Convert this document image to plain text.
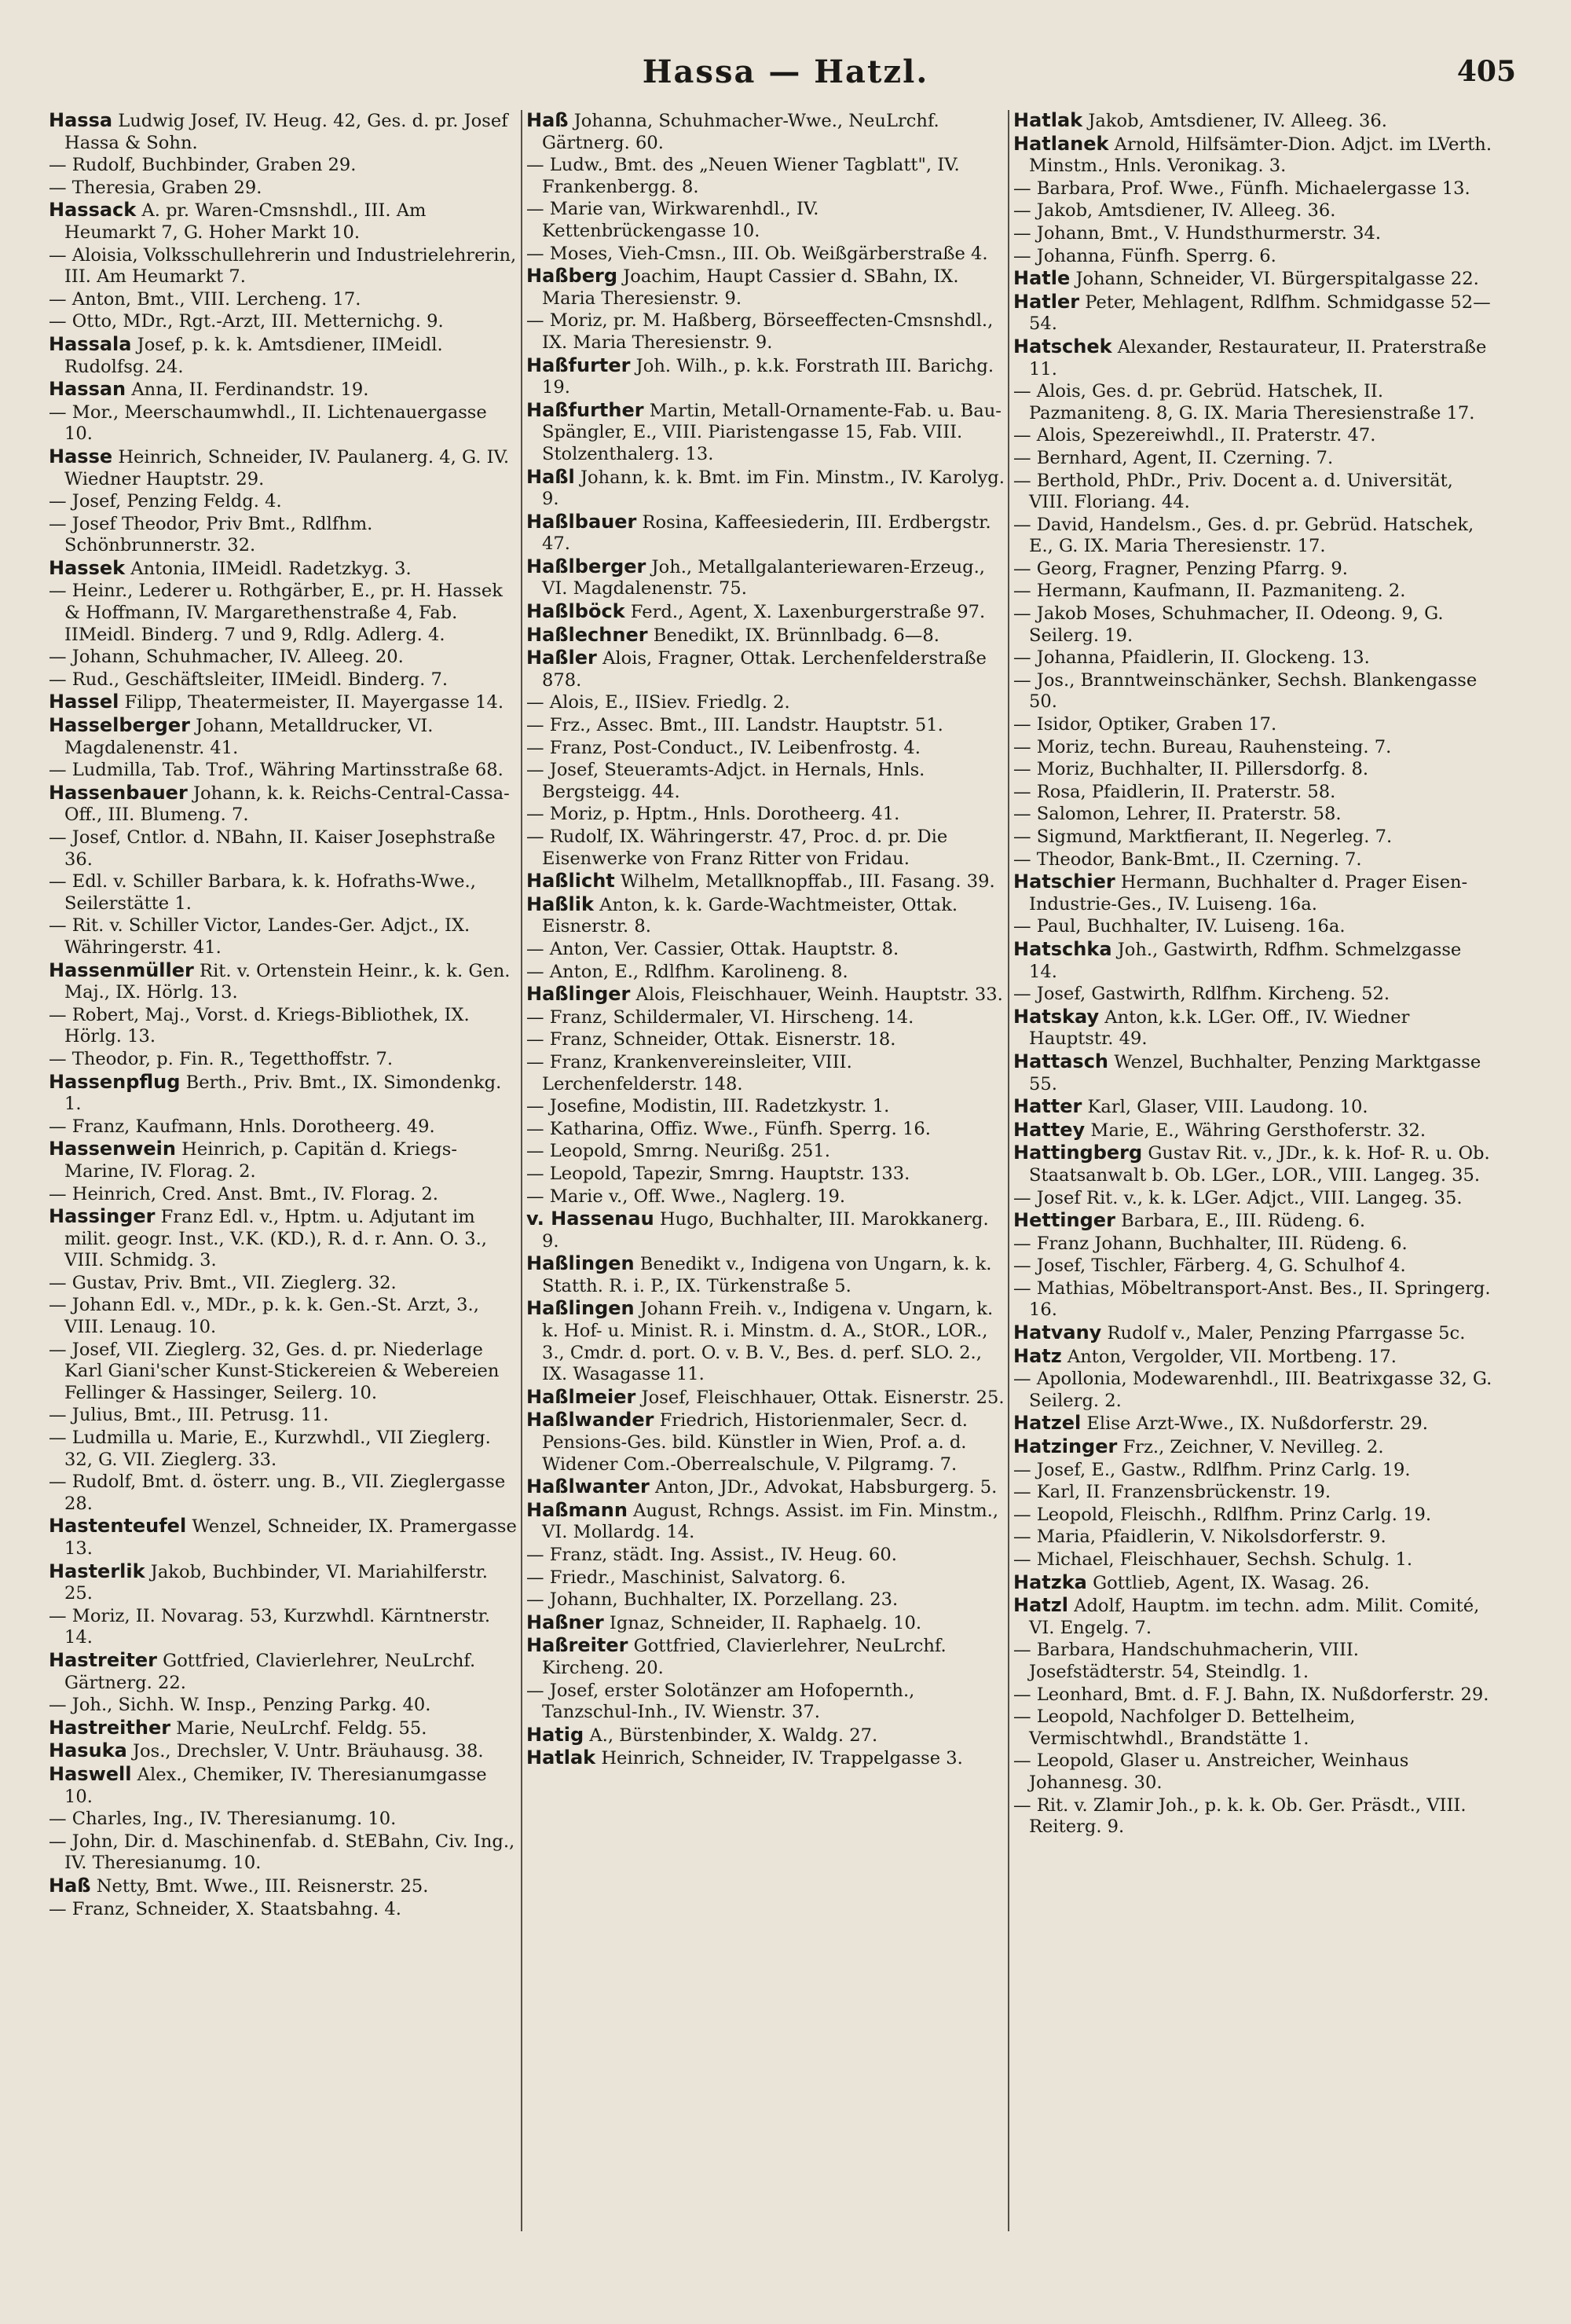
Hassa — Hatzl.	405
Hassa Ludwig Josef, IV. Heug. 42, Ges. d. pr. Josef Hassa & Sohn.
— Rudolf, Buchbinder, Graben 29.
— Theresia, Graben 29.
Hassack A. pr. Waren-Cmsnshdl., III. Am Heumarkt 7, G. Hoher Markt 10.
— Aloisia, Volksschullehrerin und Industrielehrerin, III. Am Heumarkt 7.
— Anton, Bmt., VIII. Lercheng. 17.
— Otto, MDr., Rgt.-Arzt, III. Metternichg. 9.
Hassala Josef, p. k. k. Amtsdiener, IIMeidl. Rudolfsg. 24.
Hassan Anna, II. Ferdinandstr. 19.
— Mor., Meerschaumwhdl., II. Lichtenauergasse 10.
Hasse Heinrich, Schneider, IV. Paulanerg. 4, G. IV. Wiedner Hauptstr. 29.
— Josef, Penzing Feldg. 4.
— Josef Theodor, Priv Bmt., Rdlfhm. Schönbrunnerstr. 32.
Hassek Antonia, IIMeidl. Radetzkyg. 3.
— Heinr., Lederer u. Rothgärber, E., pr. H. Hassek & Hoffmann, IV. Margarethenstraße 4, Fab. IIMeidl. Binderg. 7 und 9, Rdlg. Adlerg. 4.
— Johann, Schuhmacher, IV. Alleeg. 20.
— Rud., Geschäftsleiter, IIMeidl. Binderg. 7.
Hassel Filipp, Theatermeister, II. Mayergasse 14.
Hasselberger Johann, Metalldrucker, VI. Magdalenenstr. 41.
— Ludmilla, Tab. Trof., Währing Martinsstraße 68.
Hassenbauer Johann, k. k. Reichs-Central-Cassa-Off., III. Blumeng. 7.
— Josef, Cntlor. d. NBahn, II. Kaiser Josephstraße 36.
— Edl. v. Schiller Barbara, k. k. Hofraths-Wwe., Seilerstätte 1.
— Rit. v. Schiller Victor, Landes-Ger. Adjct., IX. Währingerstr. 41.
Hassenmüller Rit. v. Ortenstein Heinr., k. k. Gen. Maj., IX. Hörlg. 13.
— Robert, Maj., Vorst. d. Kriegs-Bibliothek, IX. Hörlg. 13.
— Theodor, p. Fin. R., Tegetthoffstr. 7.
Hassenpflug Berth., Priv. Bmt., IX. Simondenkg. 1.
— Franz, Kaufmann, Hnls. Dorotheerg. 49.
Hassenwein Heinrich, p. Capitän d. Kriegs-Marine, IV. Florag. 2.
— Heinrich, Cred. Anst. Bmt., IV. Florag. 2.
Hassinger Franz Edl. v., Hptm. u. Adjutant im milit. geogr. Inst., V.K. (KD.), R. d. r. Ann. O. 3., VIII. Schmidg. 3.
— Gustav, Priv. Bmt., VII. Zieglerg. 32.
— Johann Edl. v., MDr., p. k. k. Gen.-St. Arzt, 3., VIII. Lenaug. 10.
— Josef, VII. Zieglerg. 32, Ges. d. pr. Niederlage Karl Giani'scher Kunst-Stickereien & Webereien Fellinger & Hassinger, Seilerg. 10.
— Julius, Bmt., III. Petrusg. 11.
— Ludmilla u. Marie, E., Kurzwhdl., VII Zieglerg. 32, G. VII. Zieglerg. 33.
— Rudolf, Bmt. d. österr. ung. B., VII. Zieglergasse 28.
Hastenteufel Wenzel, Schneider, IX. Pramergasse 13.
Hasterlik Jakob, Buchbinder, VI. Mariahilferstr. 25.
— Moriz, II. Novarag. 53, Kurzwhdl. Kärntnerstr. 14.
Hastreiter Gottfried, Clavierlehrer, NeuLrchf. Gärtnerg. 22.
— Joh., Sichh. W. Insp., Penzing Parkg. 40.
Hastreither Marie, NeuLrchf. Feldg. 55.
Hasuka Jos., Drechsler, V. Untr. Bräuhausg. 38.
Haswell Alex., Chemiker, IV. Theresianumgasse 10.
— Charles, Ing., IV. Theresianumg. 10.
— John, Dir. d. Maschinenfab. d. StEBahn, Civ. Ing., IV. Theresianumg. 10.
Haß Netty, Bmt. Wwe., III. Reisnerstr. 25.
— Franz, Schneider, X. Staatsbahng. 4.
Haß Johanna, Schuhmacher-Wwe., NeuLrchf. Gärtnerg. 60.
— Ludw., Bmt. des „Neuen Wiener Tagblatt", IV. Frankenbergg. 8.
— Marie van, Wirkwarenhdl., IV. Kettenbrückengasse 10.
— Moses, Vieh-Cmsn., III. Ob. Weißgärberstraße 4.
Haßberg Joachim, Haupt Cassier d. SBahn, IX. Maria Theresienstr. 9.
— Moriz, pr. M. Haßberg, Börseeffecten-Cmsnshdl., IX. Maria Theresienstr. 9.
Haßfurter Joh. Wilh., p. k.k. Forstrath III. Barichg. 19.
Haßfurther Martin, Metall-Ornamente-Fab. u. Bau-Spängler, E., VIII. Piaristengasse 15, Fab. VIII. Stolzenthalerg. 13.
Haßl Johann, k. k. Bmt. im Fin. Minstm., IV. Karolyg. 9.
Haßlbauer Rosina, Kaffeesiederin, III. Erdbergstr. 47.
Haßlberger Joh., Metallgalanteriewaren-Erzeug., VI. Magdalenenstr. 75.
Haßlböck Ferd., Agent, X. Laxenburgerstraße 97.
Haßlechner Benedikt, IX. Brünnlbadg. 6—8.
Haßler Alois, Fragner, Ottak. Lerchenfelderstraße 878.
— Alois, E., IISiev. Friedlg. 2.
— Frz., Assec. Bmt., III. Landstr. Hauptstr. 51.
— Franz, Post-Conduct., IV. Leibenfrostg. 4.
— Josef, Steueramts-Adjct. in Hernals, Hnls. Bergsteigg. 44.
— Moriz, p. Hptm., Hnls. Dorotheerg. 41.
— Rudolf, IX. Währingerstr. 47, Proc. d. pr. Die Eisenwerke von Franz Ritter von Fridau.
Haßlicht Wilhelm, Metallknopffab., III. Fasang. 39.
Haßlik Anton, k. k. Garde-Wachtmeister, Ottak. Eisnerstr. 8.
— Anton, Ver. Cassier, Ottak. Hauptstr. 8.
— Anton, E., Rdlfhm. Karolineng. 8.
Haßlinger Alois, Fleischhauer, Weinh. Hauptstr. 33.
— Franz, Schildermaler, VI. Hirscheng. 14.
— Franz, Schneider, Ottak. Eisnerstr. 18.
— Franz, Krankenvereinsleiter, VIII. Lerchenfelderstr. 148.
— Josefine, Modistin, III. Radetzkystr. 1.
— Katharina, Offiz. Wwe., Fünfh. Sperrg. 16.
— Leopold, Smrng. Neurißg. 251.
— Leopold, Tapezir, Smrng. Hauptstr. 133.
— Marie v., Off. Wwe., Naglerg. 19.
v. Hassenau Hugo, Buchhalter, III. Marokkanerg. 9.
Haßlingen Benedikt v., Indigena von Ungarn, k. k. Statth. R. i. P., IX. Türkenstraße 5.
Haßlingen Johann Freih. v., Indigena v. Ungarn, k. k. Hof- u. Minist. R. i. Minstm. d. A., StOR., LOR., 3., Cmdr. d. port. O. v. B. V., Bes. d. perf. SLO. 2., IX. Wasagasse 11.
Haßlmeier Josef, Fleischhauer, Ottak. Eisnerstr. 25.
Haßlwander Friedrich, Historienmaler, Secr. d. Pensions-Ges. bild. Künstler in Wien, Prof. a. d. Widener Com.-Oberrealschule, V. Pilgramg. 7.
Haßlwanter Anton, JDr., Advokat, Habsburgerg. 5.
Haßmann August, Rchngs. Assist. im Fin. Minstm., VI. Mollardg. 14.
— Franz, städt. Ing. Assist., IV. Heug. 60.
— Friedr., Maschinist, Salvatorg. 6.
— Johann, Buchhalter, IX. Porzellang. 23.
Haßner Ignaz, Schneider, II. Raphaelg. 10.
Haßreiter Gottfried, Clavierlehrer, NeuLrchf. Kircheng. 20.
— Josef, erster Solotänzer am Hofopernth., Tanzschul-Inh., IV. Wienstr. 37.
Hatig A., Bürstenbinder, X. Waldg. 27.
Hatlak Heinrich, Schneider, IV. Trappelgasse 3.
Hatlak Jakob, Amtsdiener, IV. Alleeg. 36.
Hatlanek Arnold, Hilfsämter-Dion. Adjct. im LVerth. Minstm., Hnls. Veronikag. 3.
— Barbara, Prof. Wwe., Fünfh. Michaelergasse 13.
— Jakob, Amtsdiener, IV. Alleeg. 36.
— Johann, Bmt., V. Hundsthurmerstr. 34.
— Johanna, Fünfh. Sperrg. 6.
Hatle Johann, Schneider, VI. Bürgerspitalgasse 22.
Hatler Peter, Mehlagent, Rdlfhm. Schmidgasse 52—54.
Hatschek Alexander, Restaurateur, II. Praterstraße 11.
— Alois, Ges. d. pr. Gebrüd. Hatschek, II. Pazmaniteng. 8, G. IX. Maria Theresienstraße 17.
— Alois, Spezereiwhdl., II. Praterstr. 47.
— Bernhard, Agent, II. Czerning. 7.
— Berthold, PhDr., Priv. Docent a. d. Universität, VIII. Floriang. 44.
— David, Handelsm., Ges. d. pr. Gebrüd. Hatschek, E., G. IX. Maria Theresienstr. 17.
— Georg, Fragner, Penzing Pfarrg. 9.
— Hermann, Kaufmann, II. Pazmaniteng. 2.
— Jakob Moses, Schuhmacher, II. Odeong. 9, G. Seilerg. 19.
— Johanna, Pfaidlerin, II. Glockeng. 13.
— Jos., Branntweinschänker, Sechsh. Blankengasse 50.
— Isidor, Optiker, Graben 17.
— Moriz, techn. Bureau, Rauhensteing. 7.
— Moriz, Buchhalter, II. Pillersdorfg. 8.
— Rosa, Pfaidlerin, II. Praterstr. 58.
— Salomon, Lehrer, II. Praterstr. 58.
— Sigmund, Marktfierant, II. Negerleg. 7.
— Theodor, Bank-Bmt., II. Czerning. 7.
Hatschier Hermann, Buchhalter d. Prager Eisen-Industrie-Ges., IV. Luiseng. 16a.
— Paul, Buchhalter, IV. Luiseng. 16a.
Hatschka Joh., Gastwirth, Rdfhm. Schmelzgasse 14.
— Josef, Gastwirth, Rdlfhm. Kircheng. 52.
Hatskay Anton, k.k. LGer. Off., IV. Wiedner Hauptstr. 49.
Hattasch Wenzel, Buchhalter, Penzing Marktgasse 55.
Hatter Karl, Glaser, VIII. Laudong. 10.
Hattey Marie, E., Währing Gersthoferstr. 32.
Hattingberg Gustav Rit. v., JDr., k. k. Hof- R. u. Ob. Staatsanwalt b. Ob. LGer., LOR., VIII. Langeg. 35.
— Josef Rit. v., k. k. LGer. Adjct., VIII. Langeg. 35.
Hettinger Barbara, E., III. Rüdeng. 6.
— Franz Johann, Buchhalter, III. Rüdeng. 6.
— Josef, Tischler, Färberg. 4, G. Schulhof 4.
— Mathias, Möbeltransport-Anst. Bes., II. Springerg. 16.
Hatvany Rudolf v., Maler, Penzing Pfarrgasse 5c.
Hatz Anton, Vergolder, VII. Mortbeng. 17.
— Apollonia, Modewarenhdl., III. Beatrixgasse 32, G. Seilerg. 2.
Hatzel Elise Arzt-Wwe., IX. Nußdorferstr. 29.
Hatzinger Frz., Zeichner, V. Nevilleg. 2.
— Josef, E., Gastw., Rdlfhm. Prinz Carlg. 19.
— Karl, II. Franzensbrückenstr. 19.
— Leopold, Fleischh., Rdlfhm. Prinz Carlg. 19.
— Maria, Pfaidlerin, V. Nikolsdorferstr. 9.
— Michael, Fleischhauer, Sechsh. Schulg. 1.
Hatzka Gottlieb, Agent, IX. Wasag. 26.
Hatzl Adolf, Hauptm. im techn. adm. Milit. Comité, VI. Engelg. 7.
— Barbara, Handschuhmacherin, VIII. Josefstädterstr. 54, Steindlg. 1.
— Leonhard, Bmt. d. F. J. Bahn, IX. Nußdorferstr. 29.
— Leopold, Nachfolger D. Bettelheim, Vermischtwhdl., Brandstätte 1.
— Leopold, Glaser u. Anstreicher, Weinhaus Johannesg. 30.
— Rit. v. Zlamir Joh., p. k. k. Ob. Ger. Präsdt., VIII. Reiterg. 9.
